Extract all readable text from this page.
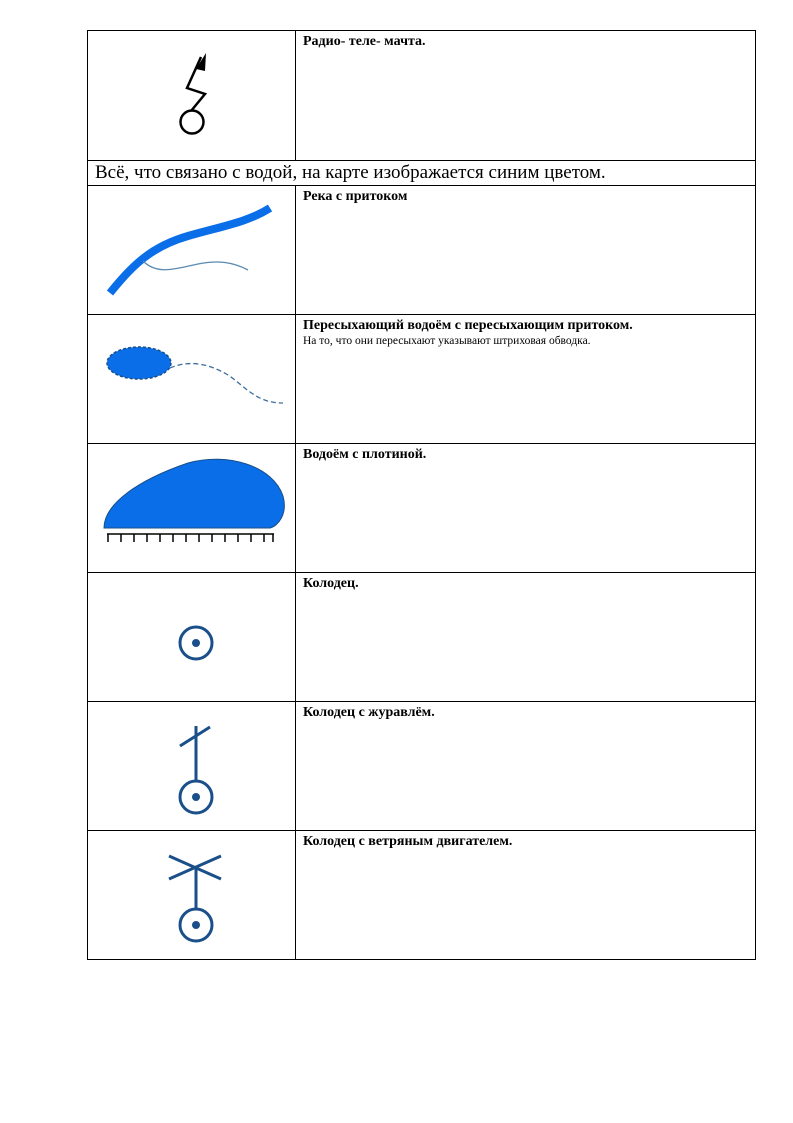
Радио- теле- мачта.
Всё, что связано с водой, на карте изображается синим цветом.
Река с притоком
Пересыхающий водоём с пересыхающим притоком.
На то, что они пересыхают указывают штриховая обводка.
Водоём с плотиной.
Колодец.
Колодец с журавлём.
Колодец с ветряным двигателем.
